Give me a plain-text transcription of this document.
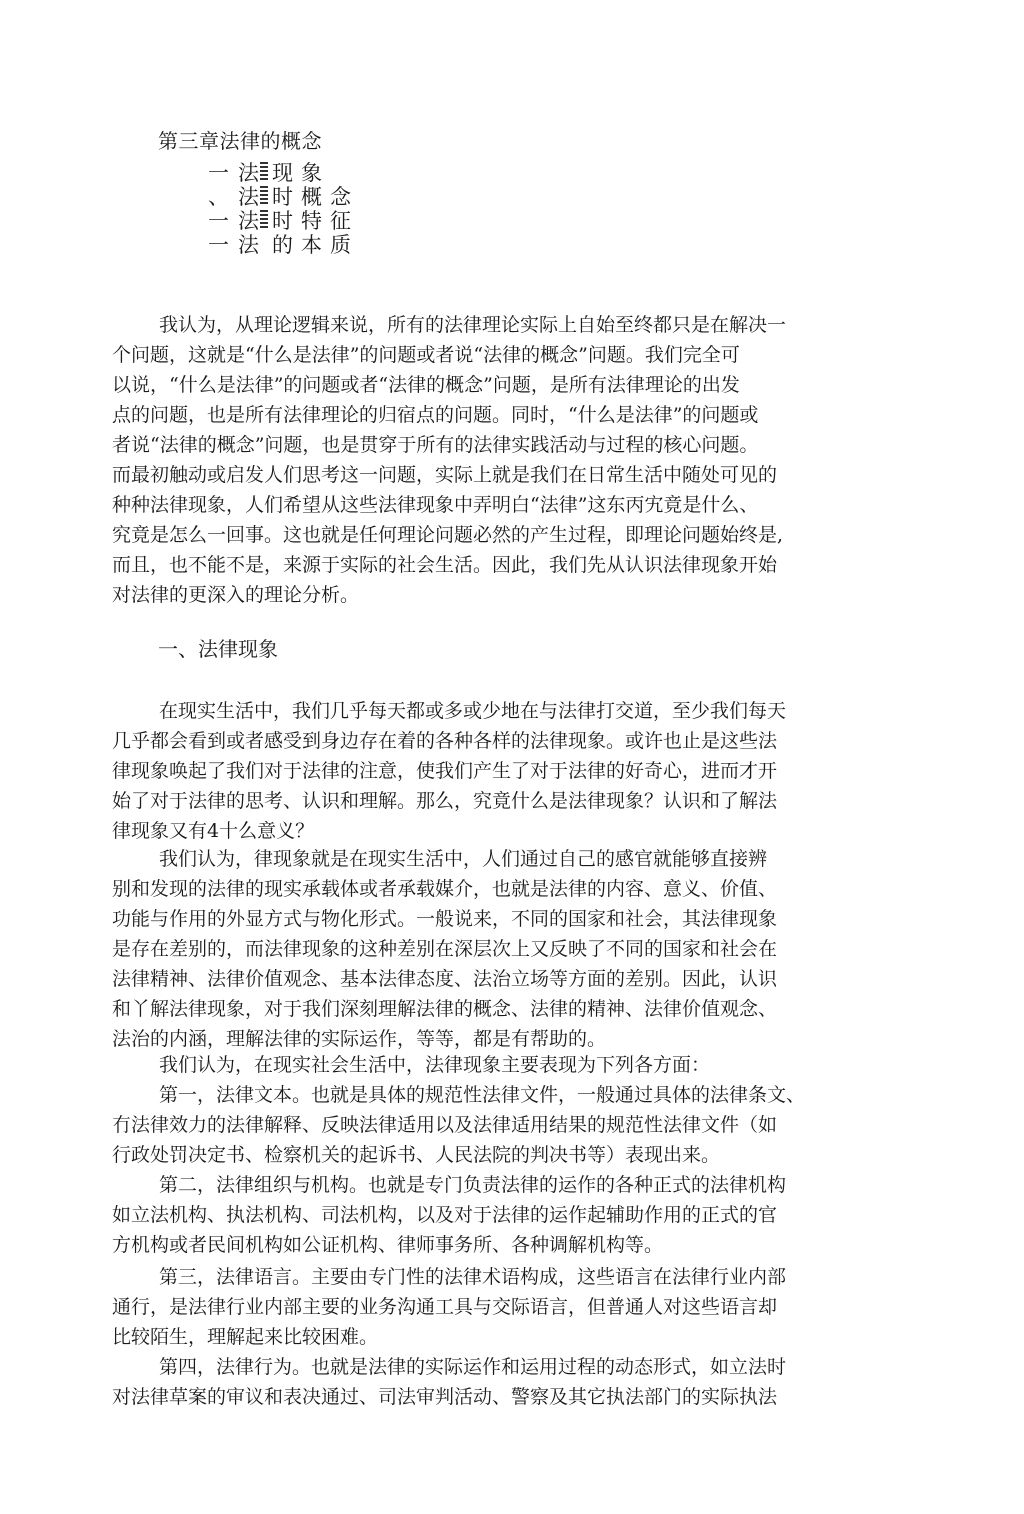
第三章法律的概念
一 法 现象
、 法 时概念
一 法 时特征
一 法 的本质

我认为，从理论逻辑来说，所有的法律理论实际上自始至终都只是在解决一
个问题，这就是“什么是法律”的问题或者说“法律的概念”问题。我们完全可
以说，“什么是法律”的问题或者“法律的概念”问题，是所有法律理论的出发
点的问题，也是所有法律理论的归宿点的问题。同时，“什么是法律”的问题或
者说“法律的概念”问题，也是贯穿于所有的法律实践活动与过程的核心问题。
而最初触动或启发人们思考这一问题，实际上就是我们在日常生活中随处可见的
种种法律现象，人们希望从这些法律现象中弄明白“法律”这东丙宄竟是什么、
究竟是怎么一回事。这也就是任何理论问题必然的产生过程，即理论问题始终是,
而且，也不能不是，来源于实际的社会生活。因此，我们先从认识法律现象开始
对法律的更深入的理论分析。

一、法律现象

在现实生活中，我们几乎每天都或多或少地在与法律打交道，至少我们每天
几乎都会看到或者感受到身边存在着的各种各样的法律现象。或许也止是这些法
律现象唤起了我们对于法律的注意，使我们产生了对于法律的好奇心，进而才开
始了对于法律的思考、认识和理解。那么，究竟什么是法律现象？认识和了解法
律现象又有4十么意义？

我们认为，律现象就是在现实生活中，人们通过自己的感官就能够直接辨
别和发现的法律的现实承载体或者承载媒介，也就是法律的内容、意义、价值、
功能与作用的外显方式与物化形式。一般说来，不同的国家和社会，其法律现象
是存在差别的，而法律现象的这种差别在深层次上又反映了不同的国家和社会在
法律精神、法律价值观念、基本法律态度、法治立场等方面的差别。因此，认识
和丫解法律现象，对于我们深刻理解法律的概念、法律的精神、法律价值观念、
法治的内涵，理解法律的实际运作，等等，都是有帮助的。

我们认为，在现实社会生活中，法律现象主要表现为下列各方面：

第一，法律文本。也就是具体的规范性法律文件，一般通过具体的法律条文、
冇法律效力的法律解释、反映法律适用以及法律适用结果的规范性法律文件（如
行政处罚决定书、检察机关的起诉书、人民法院的判决书等）表现出来。

第二，法律组织与机构。也就是专门负责法律的运作的各种正式的法律机构
如立法机构、执法机构、司法机构，以及对于法律的运作起辅助作用的正式的官
方机构或者民间机构如公证机构、律师事务所、各种调解机构等。

第三，法律语言。主要由专门性的法律术语构成，这些语言在法律行业内部
通行，是法律行业内部主要的业务沟通工具与交际语言，但普通人对这些语言却
比较陌生，理解起来比较困难。

第四，法律行为。也就是法律的实际运作和运用过程的动态形式，如立法时
对法律草案的审议和表决通过、司法审判活动、警察及其它执法部门的实际执法
